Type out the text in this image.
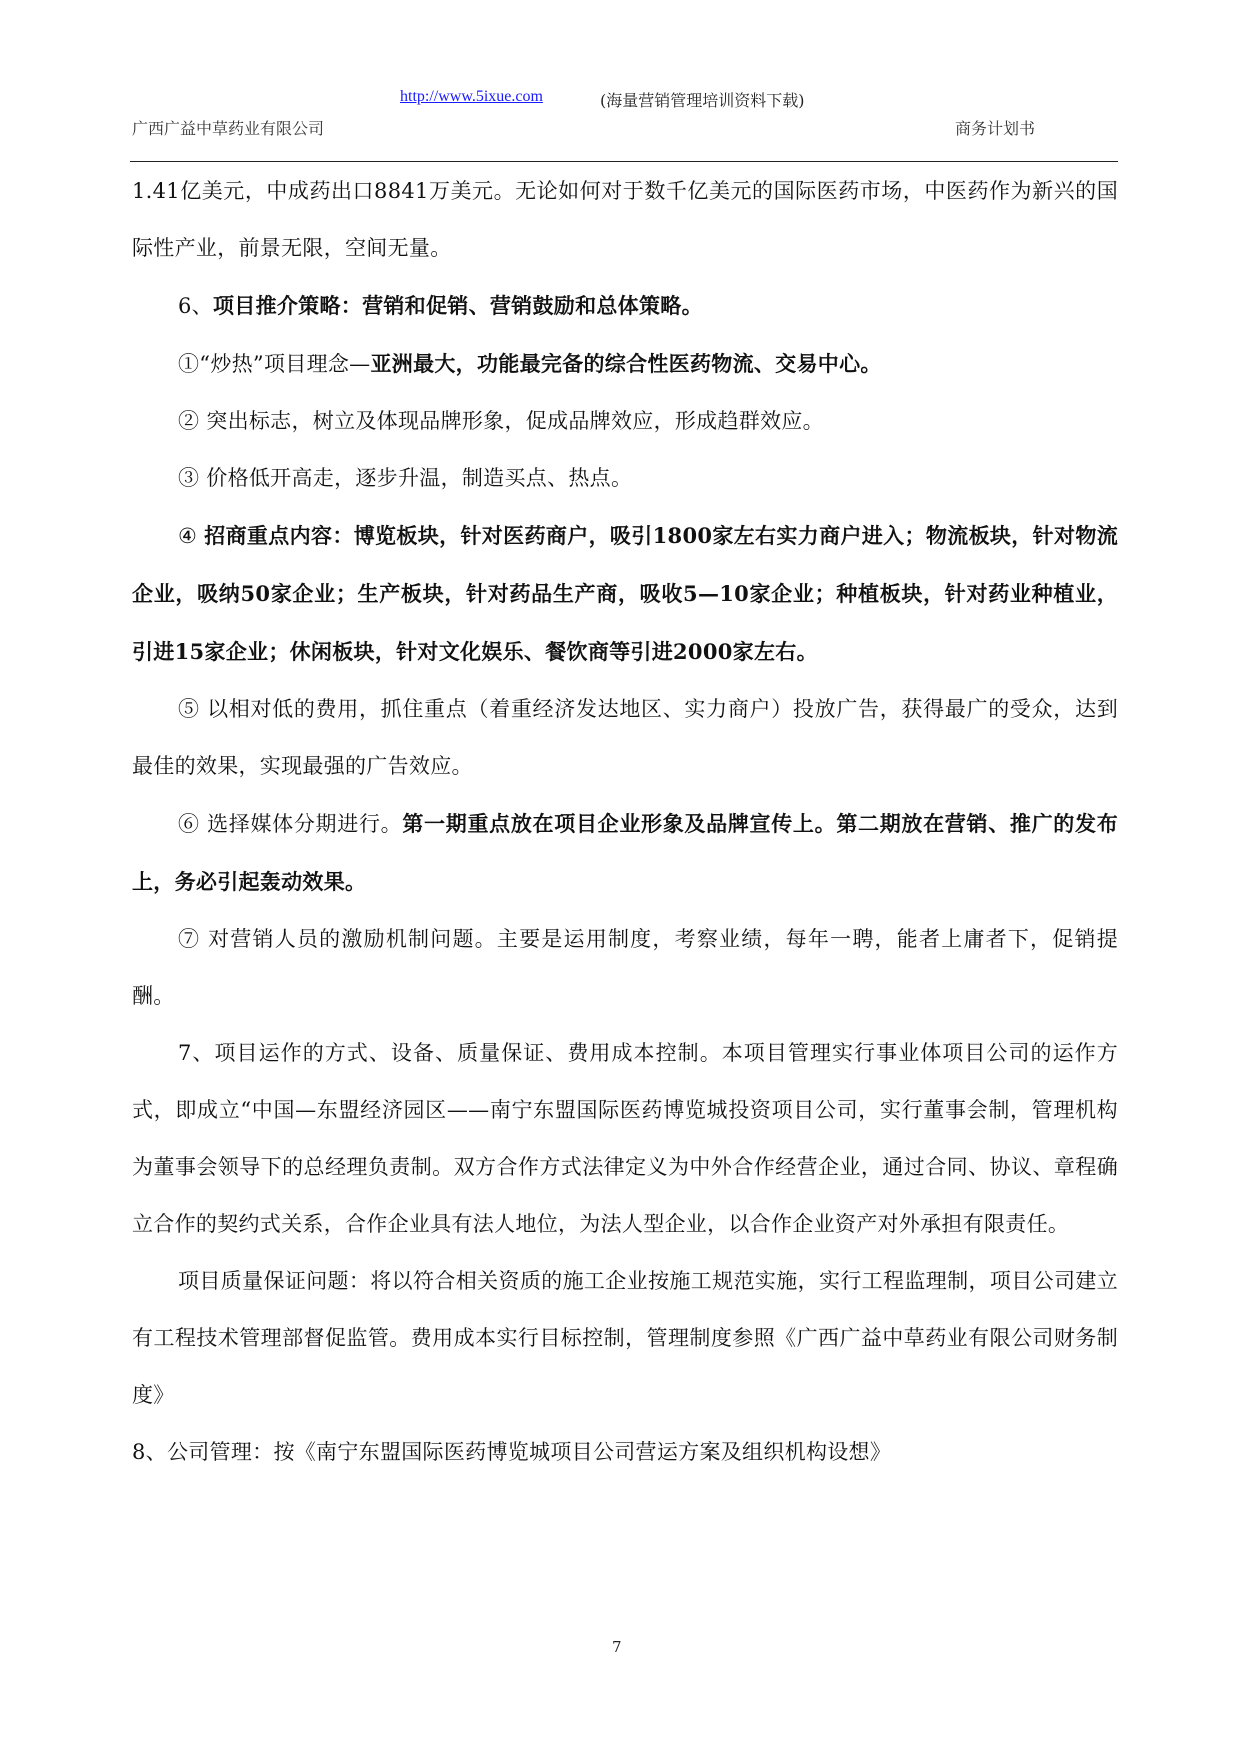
http://www.5ixue.com	(海量营销管理培训资料下载)
广西广益中草药业有限公司	商务计划书

1.41亿美元，中成药出口8841万美元。无论如何对于数千亿美元的国际医药市场，中医药作为新兴的国际性产业，前景无限，空间无量。

6、项目推介策略：营销和促销、营销鼓励和总体策略。

①“炒热”项目理念—亚洲最大，功能最完备的综合性医药物流、交易中心。

② 突出标志，树立及体现品牌形象，促成品牌效应，形成趋群效应。

③ 价格低开高走，逐步升温，制造买点、热点。

④ 招商重点内容：博览板块，针对医药商户，吸引1800家左右实力商户进入；物流板块，针对物流企业，吸纳50家企业；生产板块，针对药品生产商，吸收5—10家企业；种植板块，针对药业种植业，引进15家企业；休闲板块，针对文化娱乐、餐饮商等引进2000家左右。

⑤ 以相对低的费用，抓住重点（着重经济发达地区、实力商户）投放广告，获得最广的受众，达到最佳的效果，实现最强的广告效应。

⑥ 选择媒体分期进行。第一期重点放在项目企业形象及品牌宣传上。第二期放在营销、推广的发布上，务必引起轰动效果。

⑦ 对营销人员的激励机制问题。主要是运用制度，考察业绩，每年一聘，能者上庸者下，促销提酬。

7、项目运作的方式、设备、质量保证、费用成本控制。本项目管理实行事业体项目公司的运作方式，即成立“中国—东盟经济园区——南宁东盟国际医药博览城投资项目公司，实行董事会制，管理机构为董事会领导下的总经理负责制。双方合作方式法律定义为中外合作经营企业，通过合同、协议、章程确立合作的契约式关系，合作企业具有法人地位，为法人型企业，以合作企业资产对外承担有限责任。

项目质量保证问题：将以符合相关资质的施工企业按施工规范实施，实行工程监理制，项目公司建立有工程技术管理部督促监管。费用成本实行目标控制，管理制度参照《广西广益中草药业有限公司财务制度》

8、公司管理：按《南宁东盟国际医药博览城项目公司营运方案及组织机构设想》

7
